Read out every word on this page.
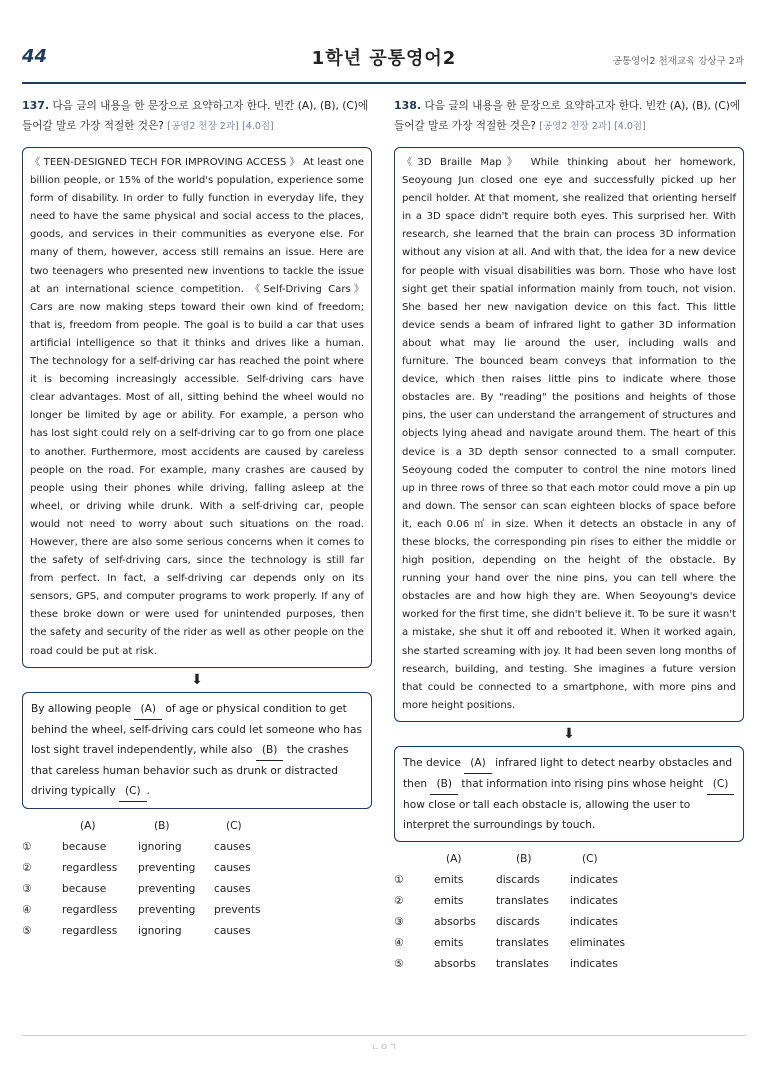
44	1학년 공통영어2	공통영어2 천재교육 강상구 2과
137. 다음 글의 내용을 한 문장으로 요약하고자 한다. 빈칸 (A), (B), (C)에 들어갈 말로 가장 적절한 것은? [공영2 천장 2과] [4.0점]
《 TEEN-DESIGNED TECH FOR IMPROVING ACCESS 》 At least one billion people, or 15% of the world's population, experience some form of disability. In order to fully function in everyday life, they need to have the same physical and social access to the places, goods, and services in their communities as everyone else. For many of them, however, access still remains an issue. Here are two teenagers who presented new inventions to tackle the issue at an international science competition. 《Self-Driving Cars》 Cars are now making steps toward their own kind of freedom; that is, freedom from people. The goal is to build a car that uses artificial intelligence so that it thinks and drives like a human. The technology for a self-driving car has reached the point where it is becoming increasingly accessible. Self-driving cars have clear advantages. Most of all, sitting behind the wheel would no longer be limited by age or ability. For example, a person who has lost sight could rely on a self-driving car to go from one place to another. Furthermore, most accidents are caused by careless people on the road. For example, many crashes are caused by people using their phones while driving, falling asleep at the wheel, or driving while drunk. With a self-driving car, people would not need to worry about such situations on the road. However, there are also some serious concerns when it comes to the safety of self-driving cars, since the technology is still far from perfect. In fact, a self-driving car depends only on its sensors, GPS, and computer programs to work properly. If any of these broke down or were used for unintended purposes, then the safety and security of the rider as well as other people on the road could be put at risk.
⬇
By allowing people (A) of age or physical condition to get behind the wheel, self-driving cars could let someone who has lost sight travel independently, while also (B) the crashes that careless human behavior such as drunk or distracted driving typically (C) .
(A)	(B)	(C)
①	because	ignoring	causes
②	regardless	preventing	causes
③	because	preventing	causes
④	regardless	preventing	prevents
⑤	regardless	ignoring	causes
138. 다음 글의 내용을 한 문장으로 요약하고자 한다. 빈칸 (A), (B), (C)에 들어갈 말로 가장 적절한 것은? [공영2 천장 2과] [4.0점]
《3D Braille Map》 While thinking about her homework, Seoyoung Jun closed one eye and successfully picked up her pencil holder. At that moment, she realized that orienting herself in a 3D space didn't require both eyes. This surprised her. With research, she learned that the brain can process 3D information without any vision at all. And with that, the idea for a new device for people with visual disabilities was born. Those who have lost sight get their spatial information mainly from touch, not vision. She based her new navigation device on this fact. This little device sends a beam of infrared light to gather 3D information about what may lie around the user, including walls and furniture. The bounced beam conveys that information to the device, which then raises little pins to indicate where those obstacles are. By "reading" the positions and heights of those pins, the user can understand the arrangement of structures and objects lying ahead and navigate around them. The heart of this device is a 3D depth sensor connected to a small computer. Seoyoung coded the computer to control the nine motors lined up in three rows of three so that each motor could move a pin up and down. The sensor can scan eighteen blocks of space before it, each 0.06 ㎥ in size. When it detects an obstacle in any of these blocks, the corresponding pin rises to either the middle or high position, depending on the height of the obstacle. By running your hand over the nine pins, you can tell where the obstacles are and how high they are. When Seoyoung's device worked for the first time, she didn't believe it. To be sure it wasn't a mistake, she shut it off and rebooted it. When it worked again, she started screaming with joy. It had been seven long months of research, building, and testing. She imagines a future version that could be connected to a smartphone, with more pins and more height positions.
⬇
The device (A) infrared light to detect nearby obstacles and then (B) that information into rising pins whose height (C) how close or tall each obstacle is, allowing the user to interpret the surroundings by touch.
(A)	(B)	(C)
①	emits	discards	indicates
②	emits	translates	indicates
③	absorbs	discards	indicates
④	emits	translates	eliminates
⑤	absorbs	translates	indicates
ㄴㅇㄱ
